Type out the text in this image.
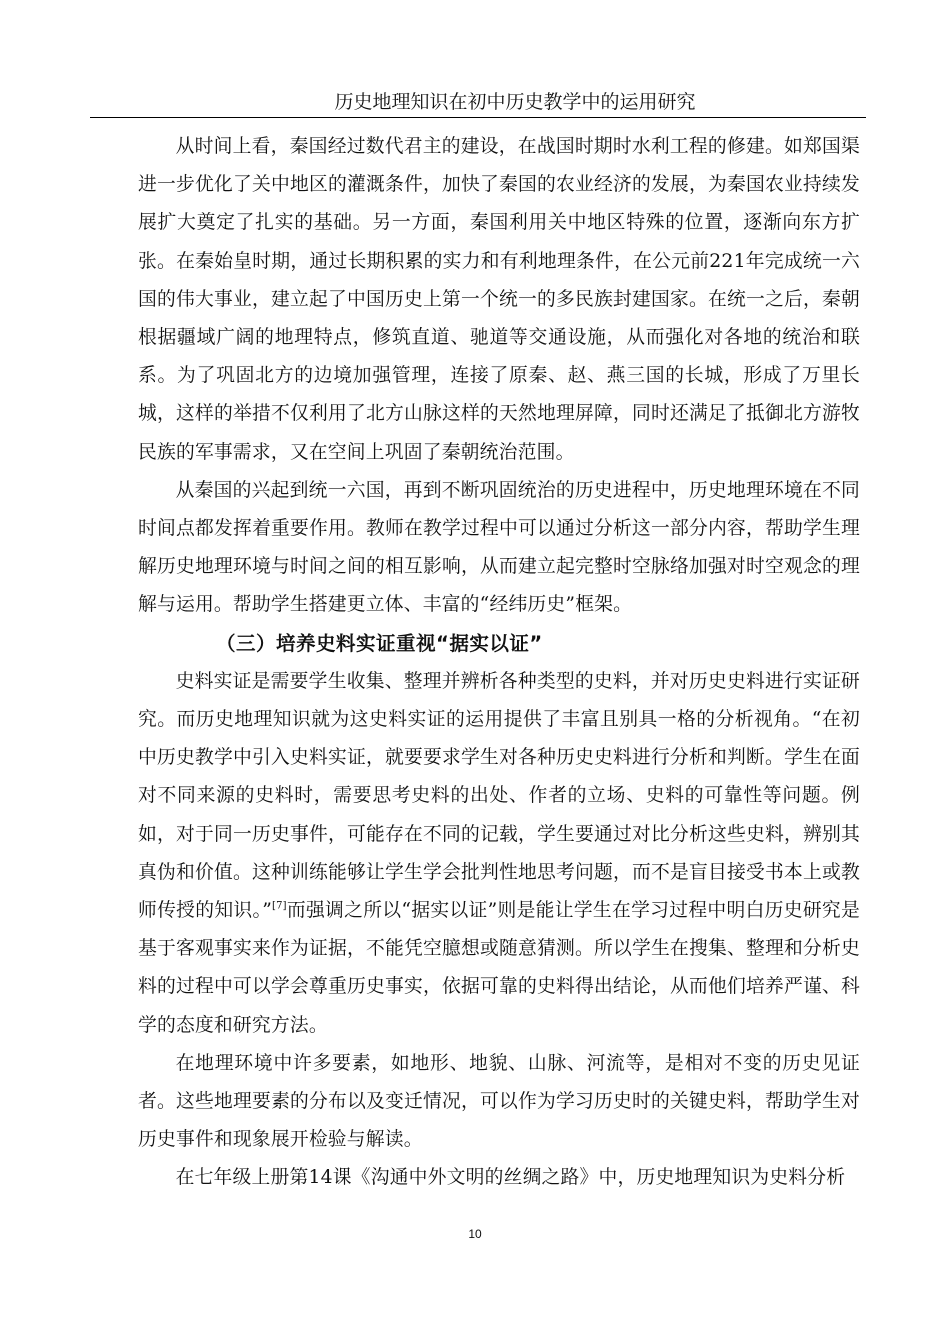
历史地理知识在初中历史教学中的运用研究

从时间上看，秦国经过数代君主的建设，在战国时期时水利工程的修建。如郑国渠进一步优化了关中地区的灌溉条件，加快了秦国的农业经济的发展，为秦国农业持续发展扩大奠定了扎实的基础。另一方面，秦国利用关中地区特殊的位置，逐渐向东方扩张。在秦始皇时期，通过长期积累的实力和有利地理条件，在公元前221年完成统一六国的伟大事业，建立起了中国历史上第一个统一的多民族封建国家。在统一之后，秦朝根据疆域广阔的地理特点，修筑直道、驰道等交通设施，从而强化对各地的统治和联系。为了巩固北方的边境加强管理，连接了原秦、赵、燕三国的长城，形成了万里长城，这样的举措不仅利用了北方山脉这样的天然地理屏障，同时还满足了抵御北方游牧民族的军事需求，又在空间上巩固了秦朝统治范围。

从秦国的兴起到统一六国，再到不断巩固统治的历史进程中，历史地理环境在不同时间点都发挥着重要作用。教师在教学过程中可以通过分析这一部分内容，帮助学生理解历史地理环境与时间之间的相互影响，从而建立起完整时空脉络加强对时空观念的理解与运用。帮助学生搭建更立体、丰富的“经纬历史”框架。

（三）培养史料实证重视“据实以证”

史料实证是需要学生收集、整理并辨析各种类型的史料，并对历史史料进行实证研究。而历史地理知识就为这史料实证的运用提供了丰富且别具一格的分析视角。“在初中历史教学中引入史料实证，就要要求学生对各种历史史料进行分析和判断。学生在面对不同来源的史料时，需要思考史料的出处、作者的立场、史料的可靠性等问题。例如，对于同一历史事件，可能存在不同的记载，学生要通过对比分析这些史料，辨别其真伪和价值。这种训练能够让学生学会批判性地思考问题，而不是盲目接受书本上或教师传授的知识。”[7]而强调之所以“据实以证”则是能让学生在学习过程中明白历史研究是基于客观事实来作为证据，不能凭空臆想或随意猜测。所以学生在搜集、整理和分析史料的过程中可以学会尊重历史事实，依据可靠的史料得出结论，从而他们培养严谨、科学的态度和研究方法。

在地理环境中许多要素，如地形、地貌、山脉、河流等，是相对不变的历史见证者。这些地理要素的分布以及变迁情况，可以作为学习历史时的关键史料，帮助学生对历史事件和现象展开检验与解读。

在七年级上册第14课《沟通中外文明的丝绸之路》中，历史地理知识为史料分析

10
